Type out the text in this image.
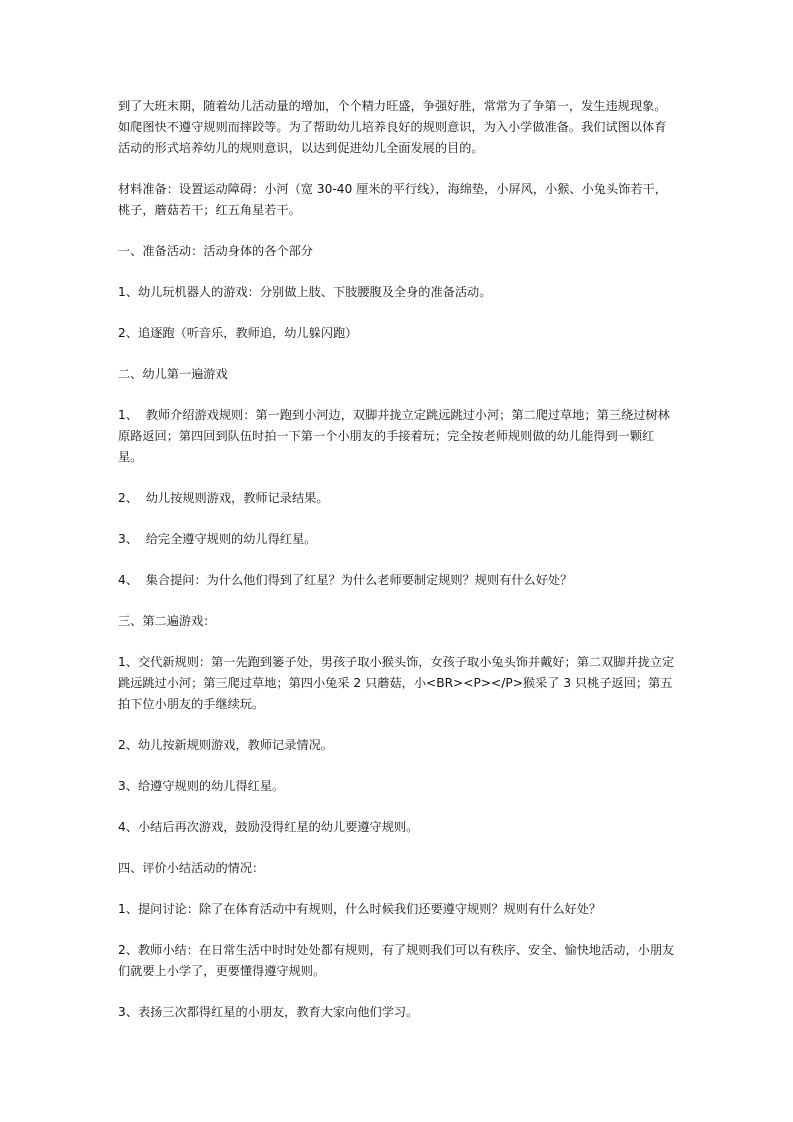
到了大班末期，随着幼儿活动量的增加，个个精力旺盛，争强好胜，常常为了争第一，发生违规现象。如爬图快不遵守规则而摔跤等。为了帮助幼儿培养良好的规则意识，为入小学做准备。我们试图以体育活动的形式培养幼儿的规则意识，以达到促进幼儿全面发展的目的。

材料准备：设置运动障碍：小河（宽 30-40 厘米的平行线），海绵垫，小屏风，小猴、小兔头饰若干，桃子，蘑菇若干；红五角星若干。

一、准备活动：活动身体的各个部分

1、幼儿玩机器人的游戏：分别做上肢、下肢腰腹及全身的准备活动。

2、追逐跑（听音乐，教师追，幼儿躲闪跑）

二、幼儿第一遍游戏

1、  教师介绍游戏规则：第一跑到小河边，双脚并拢立定跳远跳过小河；第二爬过草地；第三绕过树林原路返回；第四回到队伍时拍一下第一个小朋友的手接着玩；完全按老师规则做的幼儿能得到一颗红星。

2、  幼儿按规则游戏，教师记录结果。

3、  给完全遵守规则的幼儿得红星。

4、  集合提问：为什么他们得到了红星？为什么老师要制定规则？规则有什么好处？

三、第二遍游戏：

1、交代新规则：第一先跑到篓子处，男孩子取小猴头饰，女孩子取小兔头饰并戴好；第二双脚并拢立定跳远跳过小河；第三爬过草地；第四小兔采 2 只蘑菇，小<BR><P></P>猴采了 3 只桃子返回；第五拍下位小朋友的手继续玩。

2、幼儿按新规则游戏，教师记录情况。

3、给遵守规则的幼儿得红星。

4、小结后再次游戏，鼓励没得红星的幼儿要遵守规则。

四、评价小结活动的情况：

1、提问讨论：除了在体育活动中有规则，什么时候我们还要遵守规则？规则有什么好处？

2、教师小结：在日常生活中时时处处都有规则，有了规则我们可以有秩序、安全、愉快地活动，小朋友们就要上小学了，更要懂得遵守规则。

3、表扬三次都得红星的小朋友，教育大家向他们学习。
